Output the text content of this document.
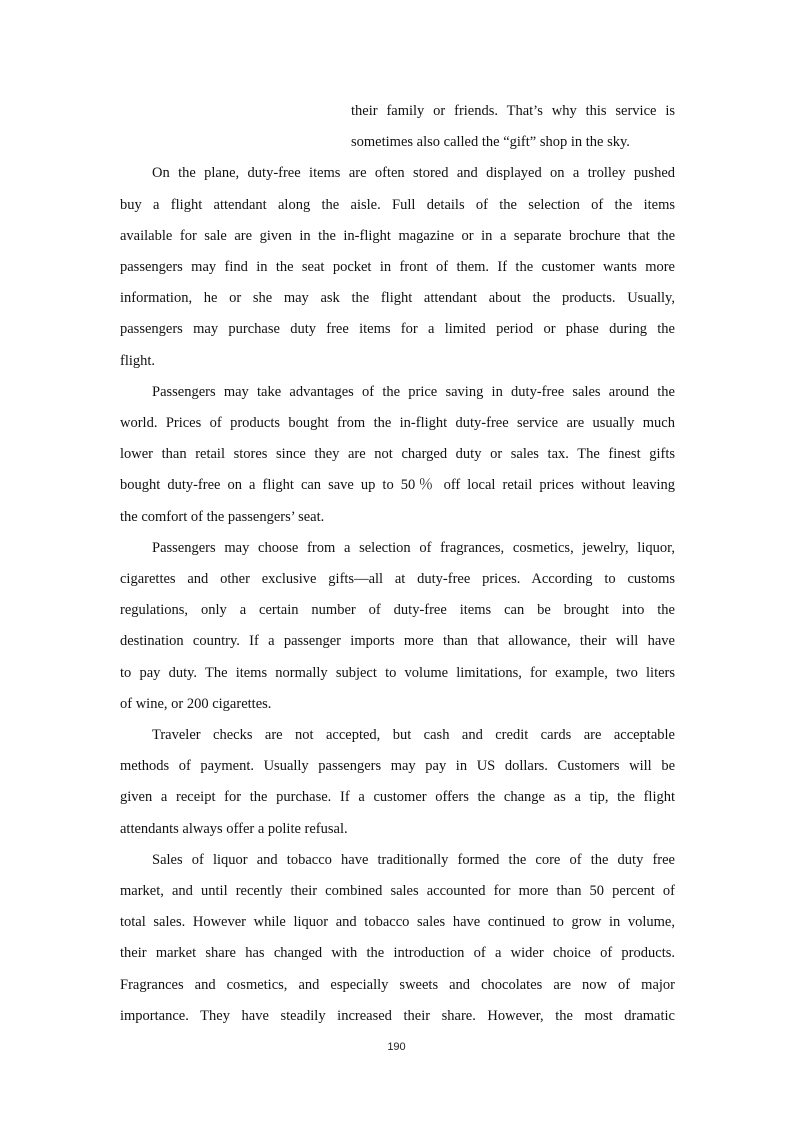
their family or friends. That’s why this service is

sometimes also called the “gift” shop in the sky.

On the plane, duty-free items are often stored and displayed on a trolley pushed

buy a flight attendant along the aisle. Full details of the selection of the items

available for sale are given in the in-flight magazine or in a separate brochure that the

passengers may find in the seat pocket in front of them. If the customer wants more

information, he or she may ask the flight attendant about the products. Usually,

passengers may purchase duty free items for a limited period or phase during the

flight.

Passengers may take advantages of the price saving in duty-free sales around the

world. Prices of products bought from the in-flight duty-free service are usually much

lower than retail stores since they are not charged duty or sales tax. The finest gifts

bought duty-free on a flight can save up to 50％ off local retail prices without leaving

the comfort of the passengers’ seat.

Passengers may choose from a selection of fragrances, cosmetics, jewelry, liquor,

cigarettes and other exclusive gifts—all at duty-free prices. According to customs

regulations, only a certain number of duty-free items can be brought into the

destination country. If a passenger imports more than that allowance, their will have

to pay duty. The items normally subject to volume limitations, for example, two liters

of wine, or 200 cigarettes.

Traveler checks are not accepted, but cash and credit cards are acceptable

methods of payment. Usually passengers may pay in US dollars. Customers will be

given a receipt for the purchase. If a customer offers the change as a tip, the flight

attendants always offer a polite refusal.

Sales of liquor and tobacco have traditionally formed the core of the duty free

market, and until recently their combined sales accounted for more than 50 percent of

total sales. However while liquor and tobacco sales have continued to grow in volume,

their market share has changed with the introduction of a wider choice of products.

Fragrances and cosmetics, and especially sweets and chocolates are now of major

importance. They have steadily increased their share. However, the most dramatic

190
